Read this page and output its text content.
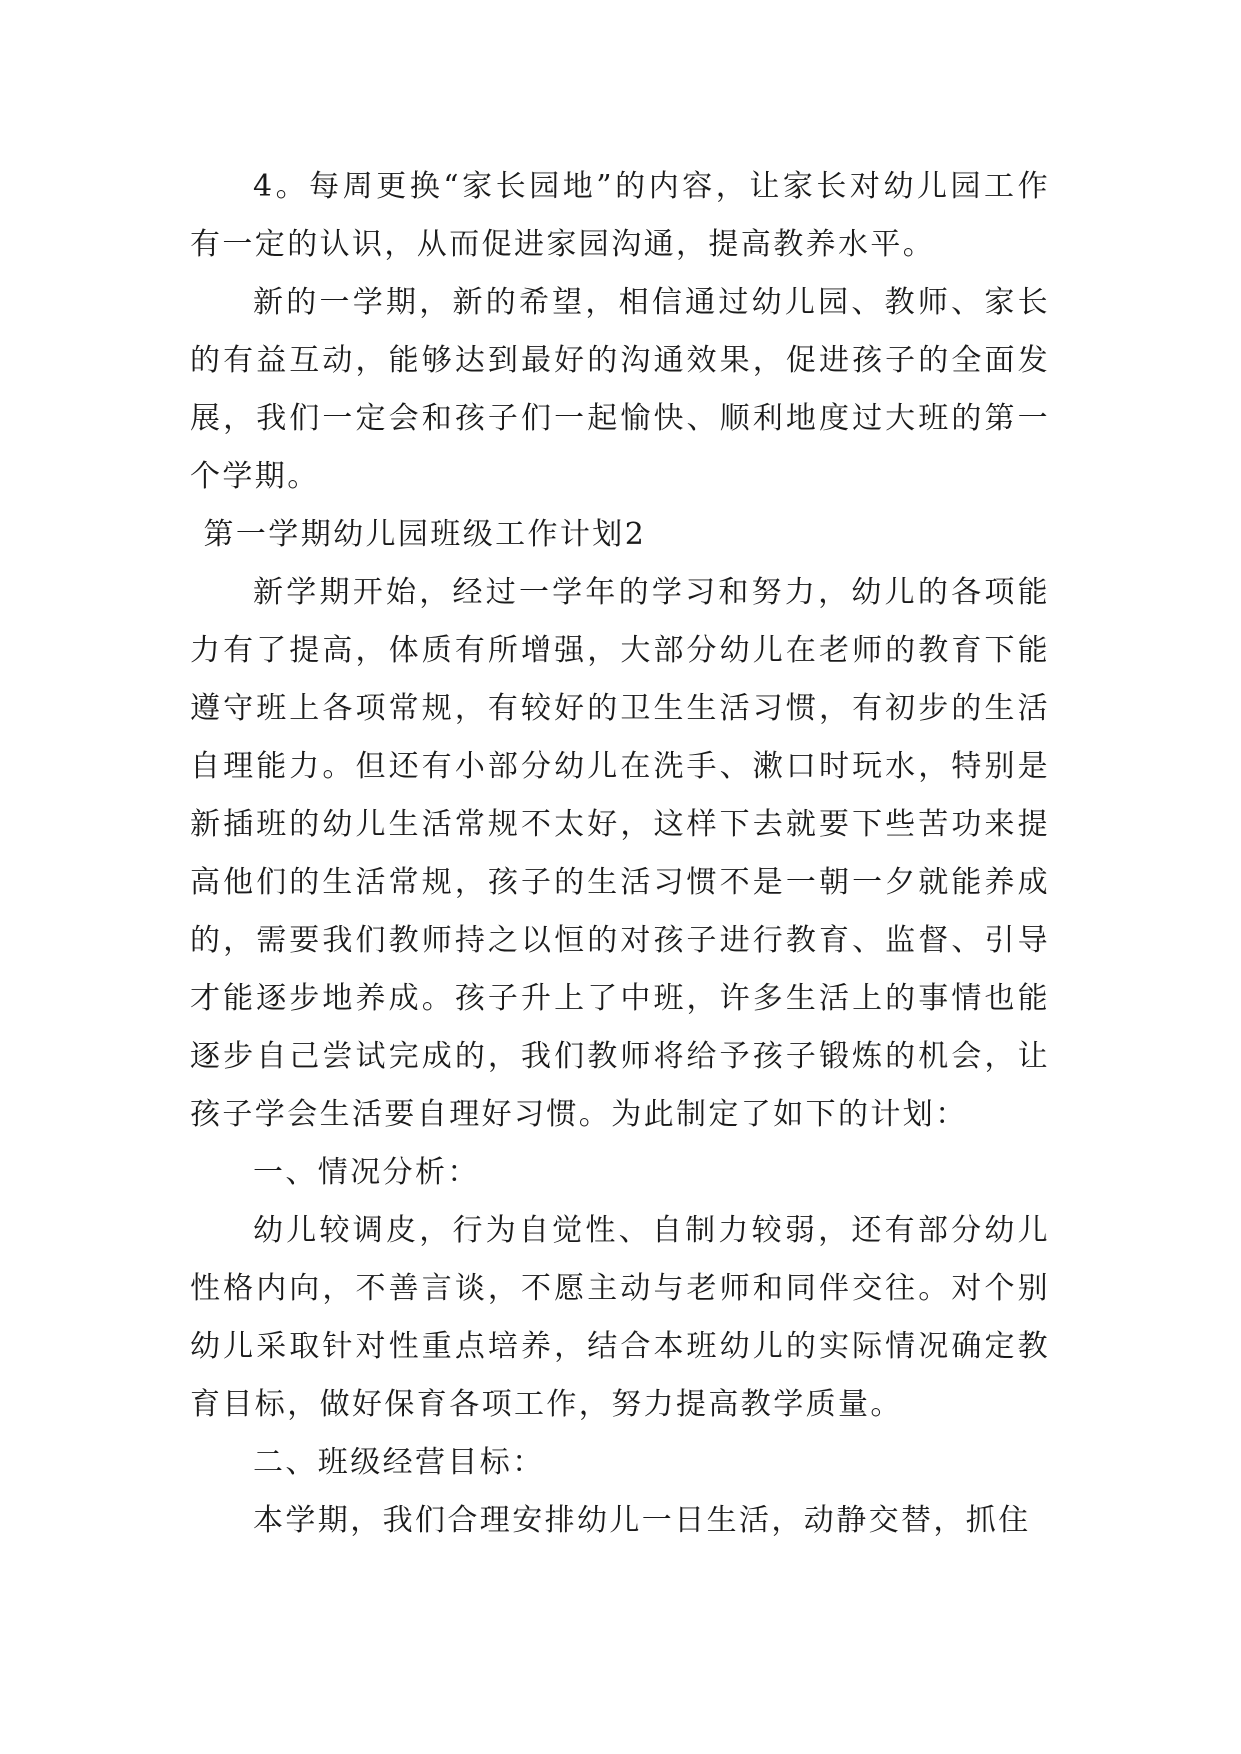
4。每周更换“家长园地”的内容，让家长对幼儿园工作有一定的认识，从而促进家园沟通，提高教养水平。

新的一学期，新的希望，相信通过幼儿园、教师、家长的有益互动，能够达到最好的沟通效果，促进孩子的全面发展，我们一定会和孩子们一起愉快、顺利地度过大班的第一个学期。

第一学期幼儿园班级工作计划2

新学期开始，经过一学年的学习和努力，幼儿的各项能力有了提高，体质有所增强，大部分幼儿在老师的教育下能遵守班上各项常规，有较好的卫生生活习惯，有初步的生活自理能力。但还有小部分幼儿在洗手、漱口时玩水，特别是新插班的幼儿生活常规不太好，这样下去就要下些苦功来提高他们的生活常规，孩子的生活习惯不是一朝一夕就能养成的，需要我们教师持之以恒的对孩子进行教育、监督、引导才能逐步地养成。孩子升上了中班，许多生活上的事情也能逐步自己尝试完成的，我们教师将给予孩子锻炼的机会，让孩子学会生活要自理好习惯。为此制定了如下的计划：

一、情况分析：

幼儿较调皮，行为自觉性、自制力较弱，还有部分幼儿性格内向，不善言谈，不愿主动与老师和同伴交往。对个别幼儿采取针对性重点培养，结合本班幼儿的实际情况确定教育目标，做好保育各项工作，努力提高教学质量。

二、班级经营目标：

本学期，我们合理安排幼儿一日生活，动静交替，抓住
